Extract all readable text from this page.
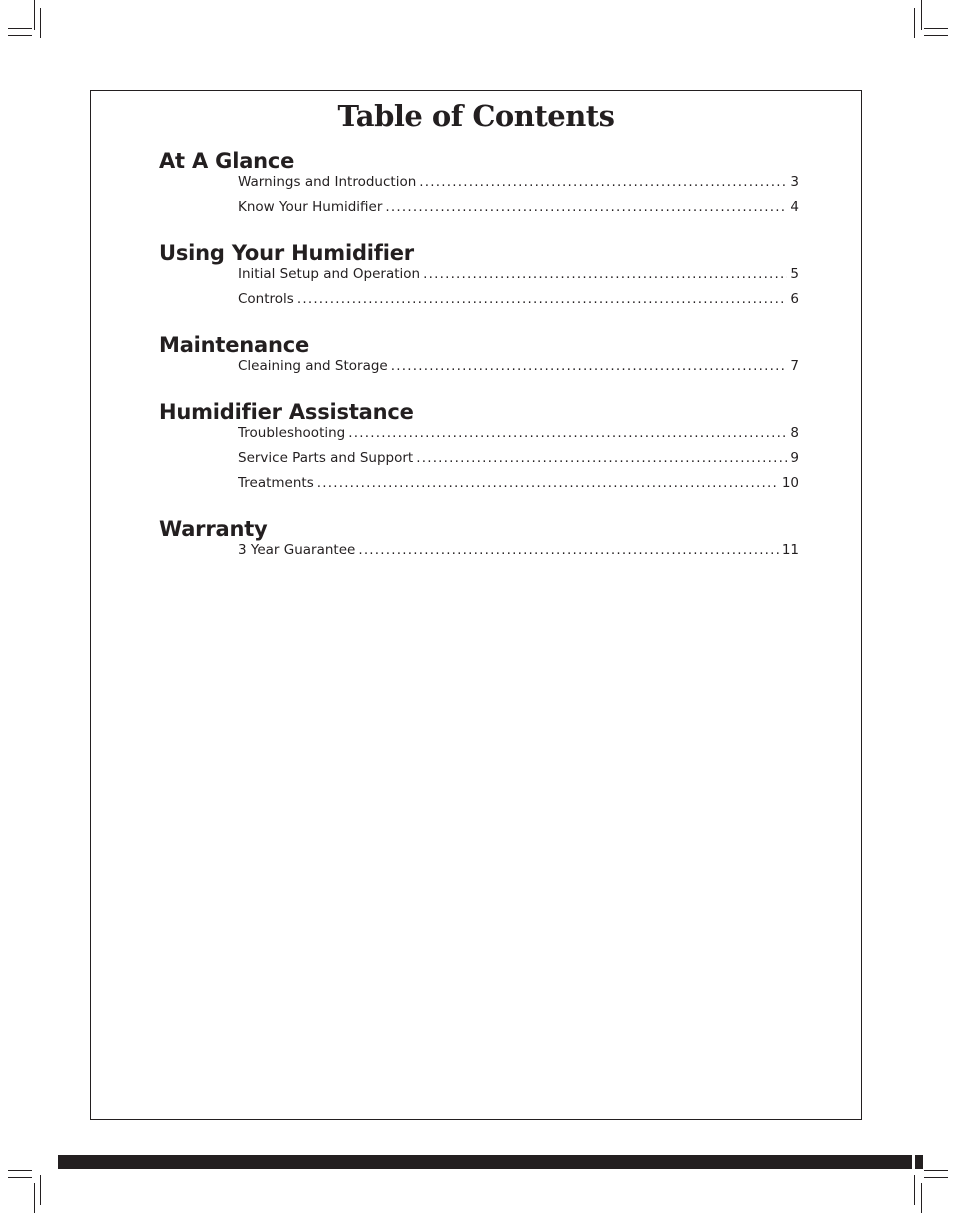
Table of Contents
At A Glance
Warnings and Introduction .....	3
Know Your Humidifier .....	4
Using Your Humidifier
Initial Setup and Operation .....	5
Controls .....	6
Maintenance
Cleaining and Storage .....	7
Humidifier Assistance
Troubleshooting .....	8
Service Parts and Support .....	9
Treatments .....	10
Warranty
3 Year Guarantee .....	11
